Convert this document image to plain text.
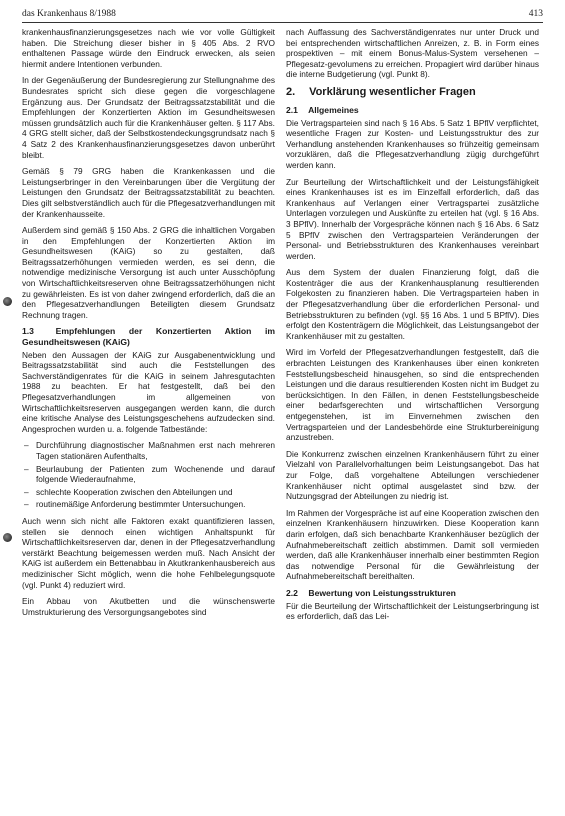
das Krankenhaus 8/1988	413

krankenhausfinanzierungsgesetzes nach wie vor volle Gültigkeit haben. Die Streichung dieser bisher in § 405 Abs. 2 RVO enthaltenen Passage würde den Eindruck erwecken, als seien hiermit andere Intentionen verbunden.

In der Gegenäußerung der Bundesregierung zur Stellungnahme des Bundesrates spricht sich diese gegen die vorgeschlagene Ergänzung aus. Der Grundsatz der Beitragssatzstabilität und die Empfehlungen der Konzertierten Aktion im Gesundheitswesen müssen grundsätzlich auch für die Krankenhäuser gelten. § 117 Abs. 4 GRG stellt sicher, daß der Selbstkostendeckungsgrundsatz nach § 4 Satz 2 des Krankenhausfinanzierungsgesetzes davon unberührt bleibt.

Gemäß § 79 GRG haben die Krankenkassen und die Leistungserbringer in den Vereinbarungen über die Vergütung der Leistungen den Grundsatz der Beitragssatzstabilität zu beachten. Dies gilt selbstverständlich auch für die Pflegesatzverhandlungen mit der Krankenhausseite.

Außerdem sind gemäß § 150 Abs. 2 GRG die inhaltlichen Vorgaben in den Empfehlungen der Konzertierten Aktion im Gesundheitswesen (KAiG) so zu gestalten, daß Beitragssatzerhöhungen vermieden werden, es sei denn, die notwendige medizinische Versorgung ist auch unter Ausschöpfung von Wirtschaftlichkeitsreserven ohne Beitragssatzerhöhungen nicht zu gewährleisten. Es ist von daher zwingend erforderlich, daß die an den Pflegesatzverhandlungen Beteiligten diesem Grundsatz Rechnung tragen.

1.3	Empfehlungen der Konzertierten Aktion im Gesundheitswesen (KAiG)

Neben den Aussagen der KAiG zur Ausgabenentwicklung und Beitragssatzstabilität sind auch die Feststellungen des Sachverständigenrates für die KAiG in seinem Jahresgutachten 1988 zu beachten. Er hat festgestellt, daß bei den Pflegesatzverhandlungen im allgemeinen von Wirtschaftlichkeitsreserven ausgegangen werden kann, die durch eine kritische Analyse des Leistungsgeschehens aufzudecken sind. Angesprochen wurden u. a. folgende Tatbestände:

– Durchführung diagnostischer Maßnahmen erst nach mehreren Tagen stationären Aufenthalts,
– Beurlaubung der Patienten zum Wochenende und darauf folgende Wiederaufnahme,
– schlechte Kooperation zwischen den Abteilungen und
– routinemäßige Anforderung bestimmter Untersuchungen.

Auch wenn sich nicht alle Faktoren exakt quantifizieren lassen, stellen sie dennoch einen wichtigen Anhaltspunkt für Wirtschaftlichkeitsreserven dar, denen in der Pflegesatzverhandlung verstärkt Beachtung beigemessen werden muß. Nach Ansicht der KAiG ist außerdem ein Bettenabbau in Akutkrankenhausbereich aus medizinischer Sicht möglich, wenn die hohe Fehlbelegungsquote (vgl. Punkt 4) reduziert wird.

Ein Abbau von Akutbetten und die wünschenswerte Umstrukturierung des Versorgungsangebotes sind

nach Auffassung des Sachverständigenrates nur unter Druck und bei entsprechenden wirtschaftlichen Anreizen, z. B. in Form eines prospektiven – mit einem Bonus-Malus-System versehenen – Pflegesatz-gevolumens zu erreichen. Propagiert wird darüber hinaus die interne Budgetierung (vgl. Punkt 8).

2. Vorklärung wesentlicher Fragen
2.1 Allgemeines

Die Vertragsparteien sind nach § 16 Abs. 5 Satz 1 BPflV verpflichtet, wesentliche Fragen zur Kosten- und Leistungsstruktur des zur Verhandlung anstehenden Krankenhauses so frühzeitig gemeinsam vorzuklären, daß die Pflegesatzverhandlung zügig durchgeführt werden kann.

Zur Beurteilung der Wirtschaftlichkeit und der Leistungsfähigkeit eines Krankenhauses ist es im Einzelfall erforderlich, daß das Krankenhaus auf Verlangen einer Vertragspartei zusätzliche Unterlagen vorzulegen und Auskünfte zu erteilen hat (vgl. § 16 Abs. 3 BPflV). Innerhalb der Vorgespräche können nach § 16 Abs. 6 Satz 5 BPflV zwischen den Vertragsparteien Veränderungen der Personal- und Betriebsstrukturen des Krankenhauses vereinbart werden.

Aus dem System der dualen Finanzierung folgt, daß die Kostenträger die aus der Krankenhausplanung resultierenden Folgekosten zu finanzieren haben. Die Vertragsparteien haben in der Pflegesatzverhandlung über die erforderlichen Personal- und Betriebsstrukturen zu befinden (vgl. §§ 16 Abs. 1 und 5 BPflV). Dies erfolgt den Kostenträgern die Möglichkeit, das Leistungsangebot der Krankenhäuser mit zu gestalten.

Wird im Vorfeld der Pflegesatzverhandlungen festgestellt, daß die erbrachten Leistungen des Krankenhauses über einen konkreten Feststellungsbescheid hinausgehen, so sind die entsprechenden Leistungen und die daraus resultierenden Kosten nicht im Budget zu berücksichtigen. In den Fällen, in denen Feststellungsbescheide einer bedarfsgerechten und wirtschaftlichen Versorgung entgegenstehen, ist im Einvernehmen zwischen den Vertragsparteien und der Landesbehörde eine Strukturbereinigung anzustreben.

Die Konkurrenz zwischen einzelnen Krankenhäusern führt zu einer Vielzahl von Parallelvorhaltungen beim Leistungsangebot. Das hat zur Folge, daß vorgehaltene Abteilungen verschiedener Krankenhäuser nicht optimal ausgelastet sind bzw. der Nutzungsgrad der Abteilungen zu niedrig ist.

Im Rahmen der Vorgespräche ist auf eine Kooperation zwischen den einzelnen Krankenhäusern hinzuwirken. Diese Kooperation kann darin erfolgen, daß sich benachbarte Krankenhäuser bezüglich der Aufnahmebereitschaft zeitlich abstimmen. Damit soll vermieden werden, daß alle Krankenhäuser innerhalb einer bestimmten Region das notwendige Personal für die Gewährleistung der Aufnahmebereitschaft bereithalten.

2.2 Bewertung von Leistungsstrukturen

Für die Beurteilung der Wirtschaftlichkeit der Leistungserbringung ist es erforderlich, daß das Lei-
